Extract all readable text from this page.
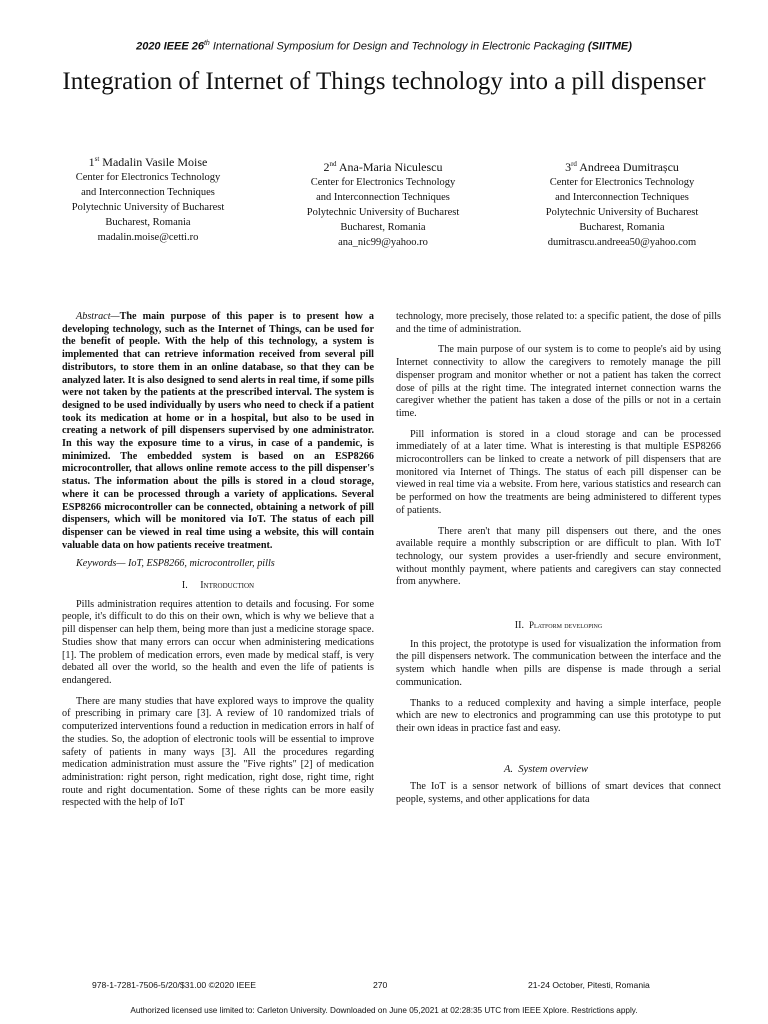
2020 IEEE 26th International Symposium for Design and Technology in Electronic Packaging (SIITME)
Integration of Internet of Things technology into a pill dispenser
1st Madalin Vasile Moise
Center for Electronics Technology
and Interconnection Techniques
Polytechnic University of Bucharest
Bucharest, Romania
madalin.moise@cetti.ro
2nd Ana-Maria Niculescu
Center for Electronics Technology
and Interconnection Techniques
Polytechnic University of Bucharest
Bucharest, Romania
ana_nic99@yahoo.ro
3rd Andreea Dumitrașcu
Center for Electronics Technology
and Interconnection Techniques
Polytechnic University of Bucharest
Bucharest, Romania
dumitrascu.andreea50@yahoo.com

Abstract—The main purpose of this paper is to present how a developing technology, such as the Internet of Things, can be used for the benefit of people. With the help of this technology, a system is implemented that can retrieve information received from several pill distributors, to store them in an online database, so that they can be analyzed later. It is also designed to send alerts in real time, if some pills were not taken by the patients at the prescribed interval. The system is designed to be used individually by users who need to check if a patient took its medication at home or in a hospital, but also to be used in creating a network of pill dispensers supervised by one administrator. In this way the exposure time to a virus, in case of a pandemic, is minimized. The embedded system is based on an ESP8266 microcontroller, that allows online remote access to the pill dispenser's status. The information about the pills is stored in a cloud storage, where it can be processed through a variety of applications. Several ESP8266 microcontroller can be connected, obtaining a network of pill dispensers, which will be monitored via IoT. The status of each pill dispenser can be viewed in real time using a website, this will contain valuable data on how patients receive treatment.

Keywords— IoT, ESP8266, microcontroller, pills

I. Introduction

Pills administration requires attention to details and focusing. For some people, it's difficult to do this on their own, which is why we believe that a pill dispenser can help them, being more than just a medicine storage space. Studies show that many errors can occur when administering medications [1]. The problem of medication errors, even made by medical staff, is very debated all over the world, so the health and even the life of patients is endangered.

There are many studies that have explored ways to improve the quality of prescribing in primary care [3]. A review of 10 randomized trials of computerized interventions found a reduction in medication errors in half of the studies. So, the adoption of electronic tools will be essential to improve safety of patients in many ways [3]. All the procedures regarding medication administration must assure the "Five rights" [2] of medication administration: right person, right medication, right dose, right time, right route and right documentation. Some of these rights can be more easily respected with the help of IoT

technology, more precisely, those related to: a specific patient, the dose of pills and the time of administration.

The main purpose of our system is to come to people's aid by using Internet connectivity to allow the caregivers to remotely manage the pill dispenser program and monitor whether or not a patient has taken the correct dose of pills at the right time. The integrated internet connection warns the caregiver whether the patient has taken a dose of the pills or not in a certain time.

Pill information is stored in a cloud storage and can be processed immediately of at a later time. What is interesting is that multiple ESP8266 microcontrollers can be linked to create a network of pill dispensers that are monitored via Internet of Things. The status of each pill dispenser can be viewed in real time via a website. From here, various statistics and research can be performed on how the treatments are being administered to different types of patients.

There aren't that many pill dispensers out there, and the ones available require a monthly subscription or are difficult to plan. With IoT technology, our system provides a user-friendly and secure environment, without monthly payment, where patients and caregivers can stay connected from anywhere.

II. Platform developing

In this project, the prototype is used for visualization the information from the pill dispensers network. The communication between the interface and the system which handle when pills are dispense is made through a serial communication.

Thanks to a reduced complexity and having a simple interface, people which are new to electronics and programming can use this prototype to put their own ideas in practice fast and easy.

A. System overview

The IoT is a sensor network of billions of smart devices that connect people, systems, and other applications for data

978-1-7281-7506-5/20/$31.00 ©2020 IEEE	270	21-24 October, Pitesti, Romania
Authorized licensed use limited to: Carleton University. Downloaded on June 05,2021 at 02:28:35 UTC from IEEE Xplore. Restrictions apply.
